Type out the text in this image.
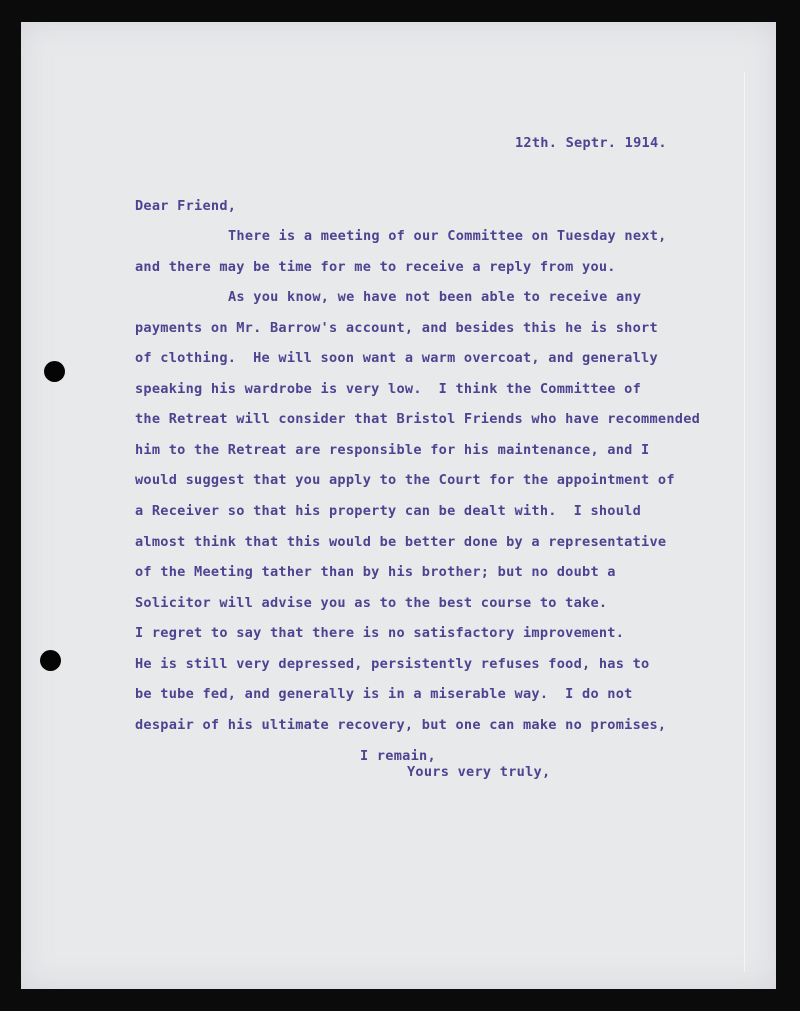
12th. Septr. 1914.
Dear Friend,
There is a meeting of our Committee on Tuesday next,
and there may be time for me to receive a reply from you.
As you know, we have not been able to receive any
payments on Mr. Barrow's account, and besides this he is short
of clothing.  He will soon want a warm overcoat, and generally
speaking his wardrobe is very low.  I think the Committee of
the Retreat will consider that Bristol Friends who have recommended
him to the Retreat are responsible for his maintenance, and I
would suggest that you apply to the Court for the appointment of
a Receiver so that his property can be dealt with.  I should
almost think that this would be better done by a representative
of the Meeting tather than by his brother; but no doubt a
Solicitor will advise you as to the best course to take.
I regret to say that there is no satisfactory improvement.
He is still very depressed, persistently refuses food, has to
be tube fed, and generally is in a miserable way.  I do not
despair of his ultimate recovery, but one can make no promises,
I remain,
Yours very truly,
